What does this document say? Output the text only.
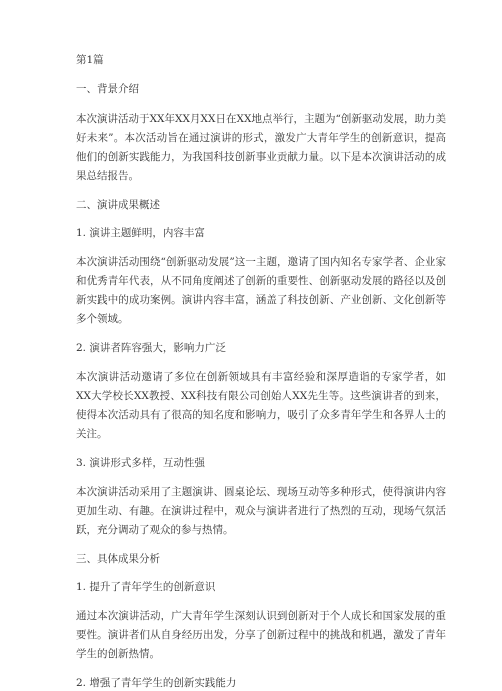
第1篇

一、背景介绍

本次演讲活动于XX年XX月XX日在XX地点举行，主题为“创新驱动发展，助力美好未来”。本次活动旨在通过演讲的形式，激发广大青年学生的创新意识，提高他们的创新实践能力，为我国科技创新事业贡献力量。以下是本次演讲活动的成果总结报告。

二、演讲成果概述

1. 演讲主题鲜明，内容丰富

本次演讲活动围绕“创新驱动发展”这一主题，邀请了国内知名专家学者、企业家和优秀青年代表，从不同角度阐述了创新的重要性、创新驱动发展的路径以及创新实践中的成功案例。演讲内容丰富，涵盖了科技创新、产业创新、文化创新等多个领域。

2. 演讲者阵容强大，影响力广泛

本次演讲活动邀请了多位在创新领域具有丰富经验和深厚造诣的专家学者，如XX大学校长XX教授、XX科技有限公司创始人XX先生等。这些演讲者的到来，使得本次活动具有了很高的知名度和影响力，吸引了众多青年学生和各界人士的关注。

3. 演讲形式多样，互动性强

本次演讲活动采用了主题演讲、圆桌论坛、现场互动等多种形式，使得演讲内容更加生动、有趣。在演讲过程中，观众与演讲者进行了热烈的互动，现场气氛活跃，充分调动了观众的参与热情。

三、具体成果分析

1. 提升了青年学生的创新意识

通过本次演讲活动，广大青年学生深刻认识到创新对于个人成长和国家发展的重要性。演讲者们从自身经历出发，分享了创新过程中的挑战和机遇，激发了青年学生的创新热情。

2. 增强了青年学生的创新实践能力
